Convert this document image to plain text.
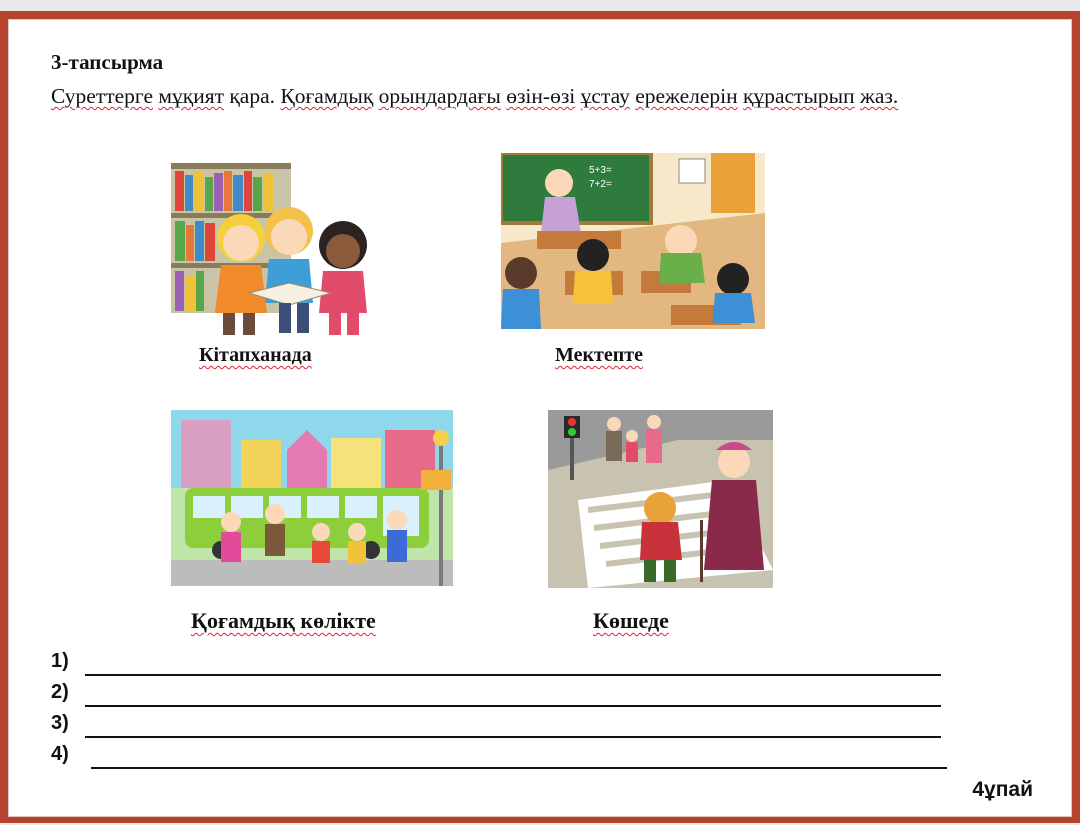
3-тапсырма
Суреттерге мұқият қара. Қоғамдық орындардағы өзін-өзі ұстау ережелерін құрастырып жаз.
Кітапханада
5+3=
7+2=
Мектепте
Қоғамдық көлікте	Көшеде
1)
2)
3)
4)
4ұпай
